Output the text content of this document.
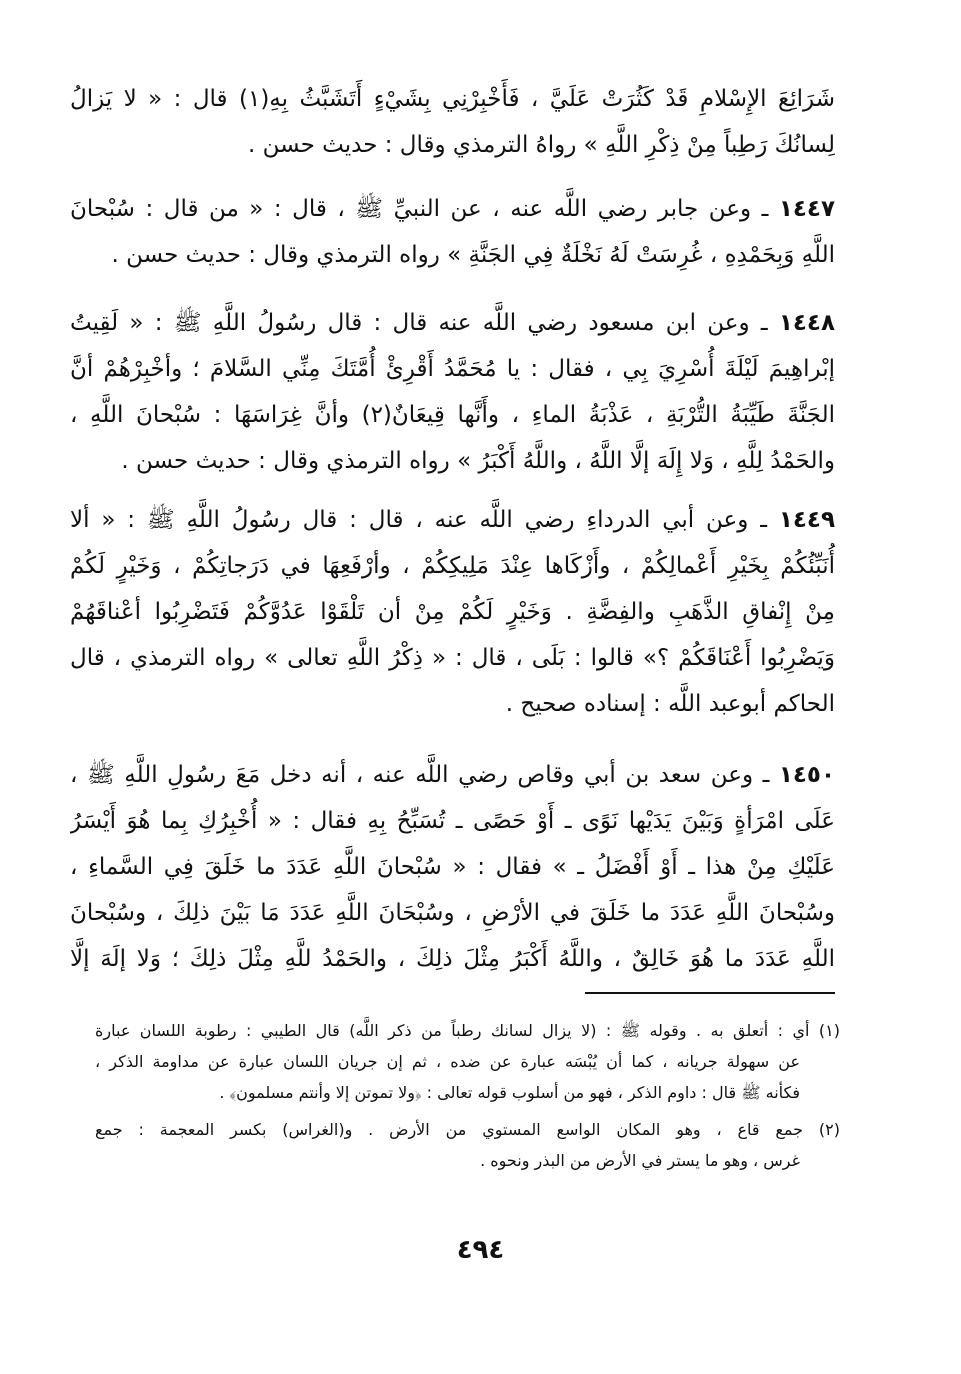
شَرَائِعَ الإِسْلامِ قَدْ كَثُرَتْ عَلَيَّ ، فَأَخْبِرْنِي بِشَيْءٍ أَتَشَبَّثُ بِهِ(١) قال : « لا يَزالُ
لِسانُكَ رَطِباً مِنْ ذِكْرِ اللَّهِ » رواهُ الترمذي وقال : حديث حسن .
١٤٤٧ ـ وعن جابر رضي اللَّه عنه ، عن النبيِّ ﷺ ، قال : « من قال : سُبْحانَ
اللَّهِ وَبِحَمْدِهِ ، غُرِسَتْ لَهُ نَخْلَةٌ فِي الجَنَّةِ » رواه الترمذي وقال : حديث حسن .
١٤٤٨ ـ وعن ابن مسعود رضي اللَّه عنه قال : قال رسُولُ اللَّهِ ﷺ : « لَقِيتُ
إبْراهِيمَ لَيْلَةَ أُسْرِيَ بِي ، فقال : يا مُحَمَّدُ أَقْرِئْ أُمَّتَكَ مِنِّي السَّلامَ ؛ وأخْبِرْهُمْ أنَّ
الجَنَّةَ طَيِّبَةُ التُّرْبَةِ ، عَذْبَةُ الماءِ ، وأَنَّها قِيعَانٌ(٢) وأنَّ غِرَاسَهَا : سُبْحانَ اللَّهِ ،
والحَمْدُ لِلَّهِ ، وَلا إِلَهَ إلَّا اللَّهُ ، واللَّهُ أَكْبَرُ » رواه الترمذي وقال : حديث حسن .
١٤٤٩ ـ وعن أبي الدرداءِ رضي اللَّه عنه ، قال : قال رسُولُ اللَّهِ ﷺ : « ألا
أُنَبِّئُكُمْ بِخَيْرِ أَعْمالِكُمْ ، وأَزْكَاها عِنْدَ مَلِيكِكُمْ ، وأرْفَعِهَا في دَرَجاتِكُمْ ، وَخَيْرٍ لَكُمْ
مِنْ إِنْفاقِ الذَّهَبِ والفِضَّةِ . وَخَيْرٍ لَكُمْ مِنْ أن تَلْقَوْا عَدُوَّكُمْ فَتَضْرِبُوا أعْناقَهُمْ
وَيَضْرِبُوا أَعْنَاقَكُمْ ؟» قالوا : بَلَى ، قال : « ذِكْرُ اللَّهِ تعالى » رواه الترمذي ، قال
الحاكم أبوعبد اللَّه : إسناده صحيح .
١٤٥٠ ـ وعن سعد بن أبي وقاص رضي اللَّه عنه ، أنه دخل مَعَ رسُولِ اللَّهِ ﷺ ،
عَلَى امْرَأةٍ وَبَيْنَ يَدَيْها نَوًى ـ أَوْ حَصًى ـ تُسَبِّحُ بِهِ فقال : « أُخْبِرُكِ بِما هُوَ أَيْسَرُ
عَلَيْكِ مِنْ هذا ـ أَوْ أَفْضَلُ ـ » فقال : « سُبْحانَ اللَّهِ عَدَدَ ما خَلَقَ فِي السَّماءِ ،
وسُبْحانَ اللَّهِ عَدَدَ ما خَلَقَ في الأرْضِ ، وسُبْحَانَ اللَّهِ عَدَدَ مَا بَيْنَ ذلِكَ ، وسُبْحانَ
اللَّهِ عَدَدَ ما هُوَ خَالِقٌ ، واللَّهُ أَكْبَرُ مِثْلَ ذلِكَ ، والحَمْدُ للَّهِ مِثْلَ ذلِكَ ؛ وَلا إلَهَ إلَّا
(١) أي : أتعلق به . وقوله ﷺ : (لا يزال لسانك رطباً من ذكر اللَّه) قال الطيبي : رطوبة اللسان عبارة
عن سهولة جريانه ، كما أن يُبْسَه عبارة عن ضده ، ثم إن جريان اللسان عبارة عن مداومة الذكر ،
فكأنه ﷺ قال : داوم الذكر ، فهو من أسلوب قوله تعالى : ﴿ولا تموتن إلا وأنتم مسلمون﴾ .
(٢) جمع قاع ، وهو المكان الواسع المستوي من الأرض . و(الغراس) بكسر المعجمة : جمع
غرس ، وهو ما يستر في الأرض من البذر ونحوه .
٤٩٤
